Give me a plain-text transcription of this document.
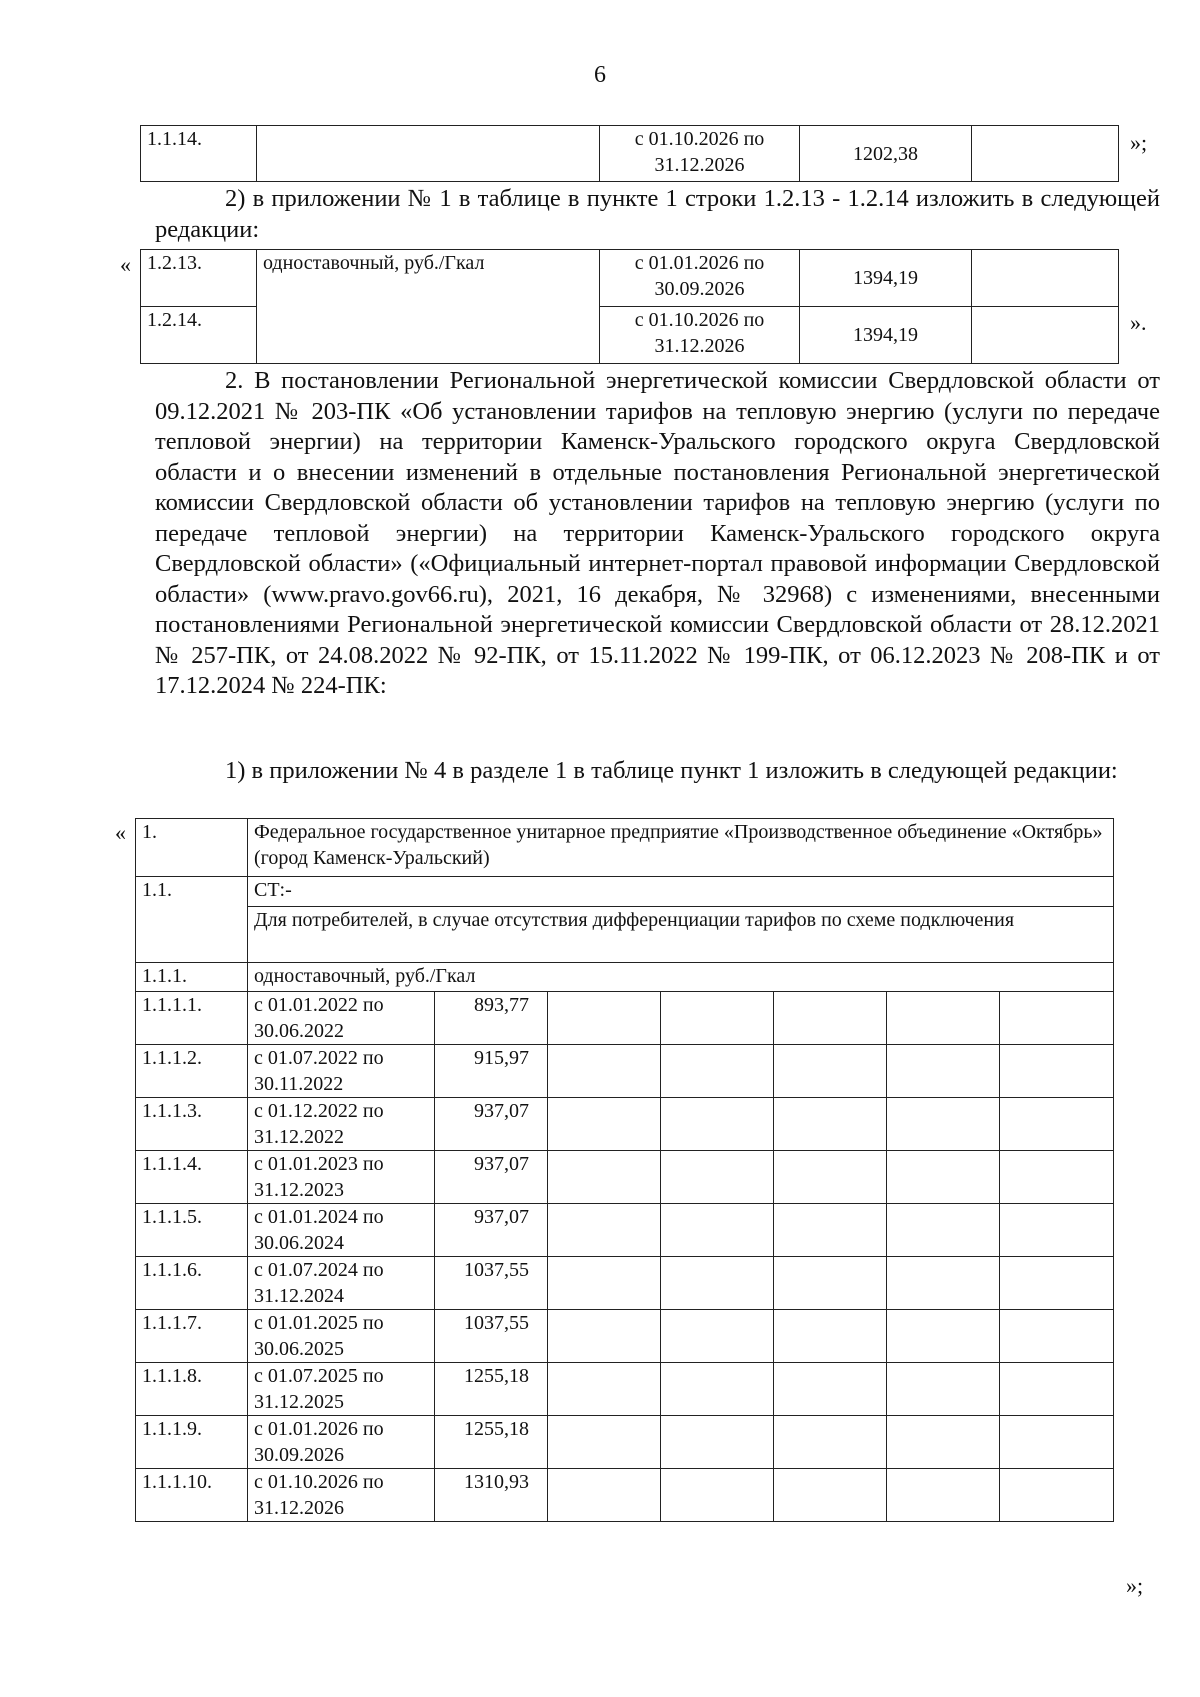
6
1.1.14.		с 01.10.2026 по 31.12.2026	1202,38		»;

2) в приложении № 1 в таблице в пункте 1 строки 1.2.13 - 1.2.14 изложить в следующей редакции:

« 1.2.13.	одноставочный, руб./Гкал	с 01.01.2026 по 30.09.2026	1394,19	
1.2.14.		с 01.10.2026 по 31.12.2026	1394,19		».

2. В постановлении Региональной энергетической комиссии Свердловской области от 09.12.2021 № 203-ПК «Об установлении тарифов на тепловую энергию (услуги по передаче тепловой энергии) на территории Каменск-Уральского городского округа Свердловской области и о внесении изменений в отдельные постановления Региональной энергетической комиссии Свердловской области об установлении тарифов на тепловую энергию (услуги по передаче тепловой энергии) на территории Каменск-Уральского городского округа Свердловской области» («Официальный интернет-портал правовой информации Свердловской области» (www.pravo.gov66.ru), 2021, 16 декабря, № 32968) с изменениями, внесенными постановлениями Региональной энергетической комиссии Свердловской области от 28.12.2021 № 257-ПК, от 24.08.2022 № 92-ПК, от 15.11.2022 № 199-ПК, от 06.12.2023 № 208-ПК и от 17.12.2024 № 224-ПК:

1) в приложении № 4 в разделе 1 в таблице пункт 1 изложить в следующей редакции:

« 1.	Федеральное государственное унитарное предприятие «Производственное объединение «Октябрь» (город Каменск-Уральский)						
1.1.	СТ:-						
	Для потребителей, в случае отсутствия дифференциации тарифов по схеме подключения						
1.1.1.	одноставочный, руб./Гкал						
1.1.1.1.	с 01.01.2022 по 30.06.2022	893,77					
1.1.1.2.	с 01.07.2022 по 30.11.2022	915,97					
1.1.1.3.	с 01.12.2022 по 31.12.2022	937,07					
1.1.1.4.	с 01.01.2023 по 31.12.2023	937,07					
1.1.1.5.	с 01.01.2024 по 30.06.2024	937,07					
1.1.1.6.	с 01.07.2024 по 31.12.2024	1037,55					
1.1.1.7.	с 01.01.2025 по 30.06.2025	1037,55					
1.1.1.8.	с 01.07.2025 по 31.12.2025	1255,18					
1.1.1.9.	с 01.01.2026 по 30.09.2026	1255,18					
1.1.1.10.	с 01.10.2026 по 31.12.2026	1310,93					
»;
